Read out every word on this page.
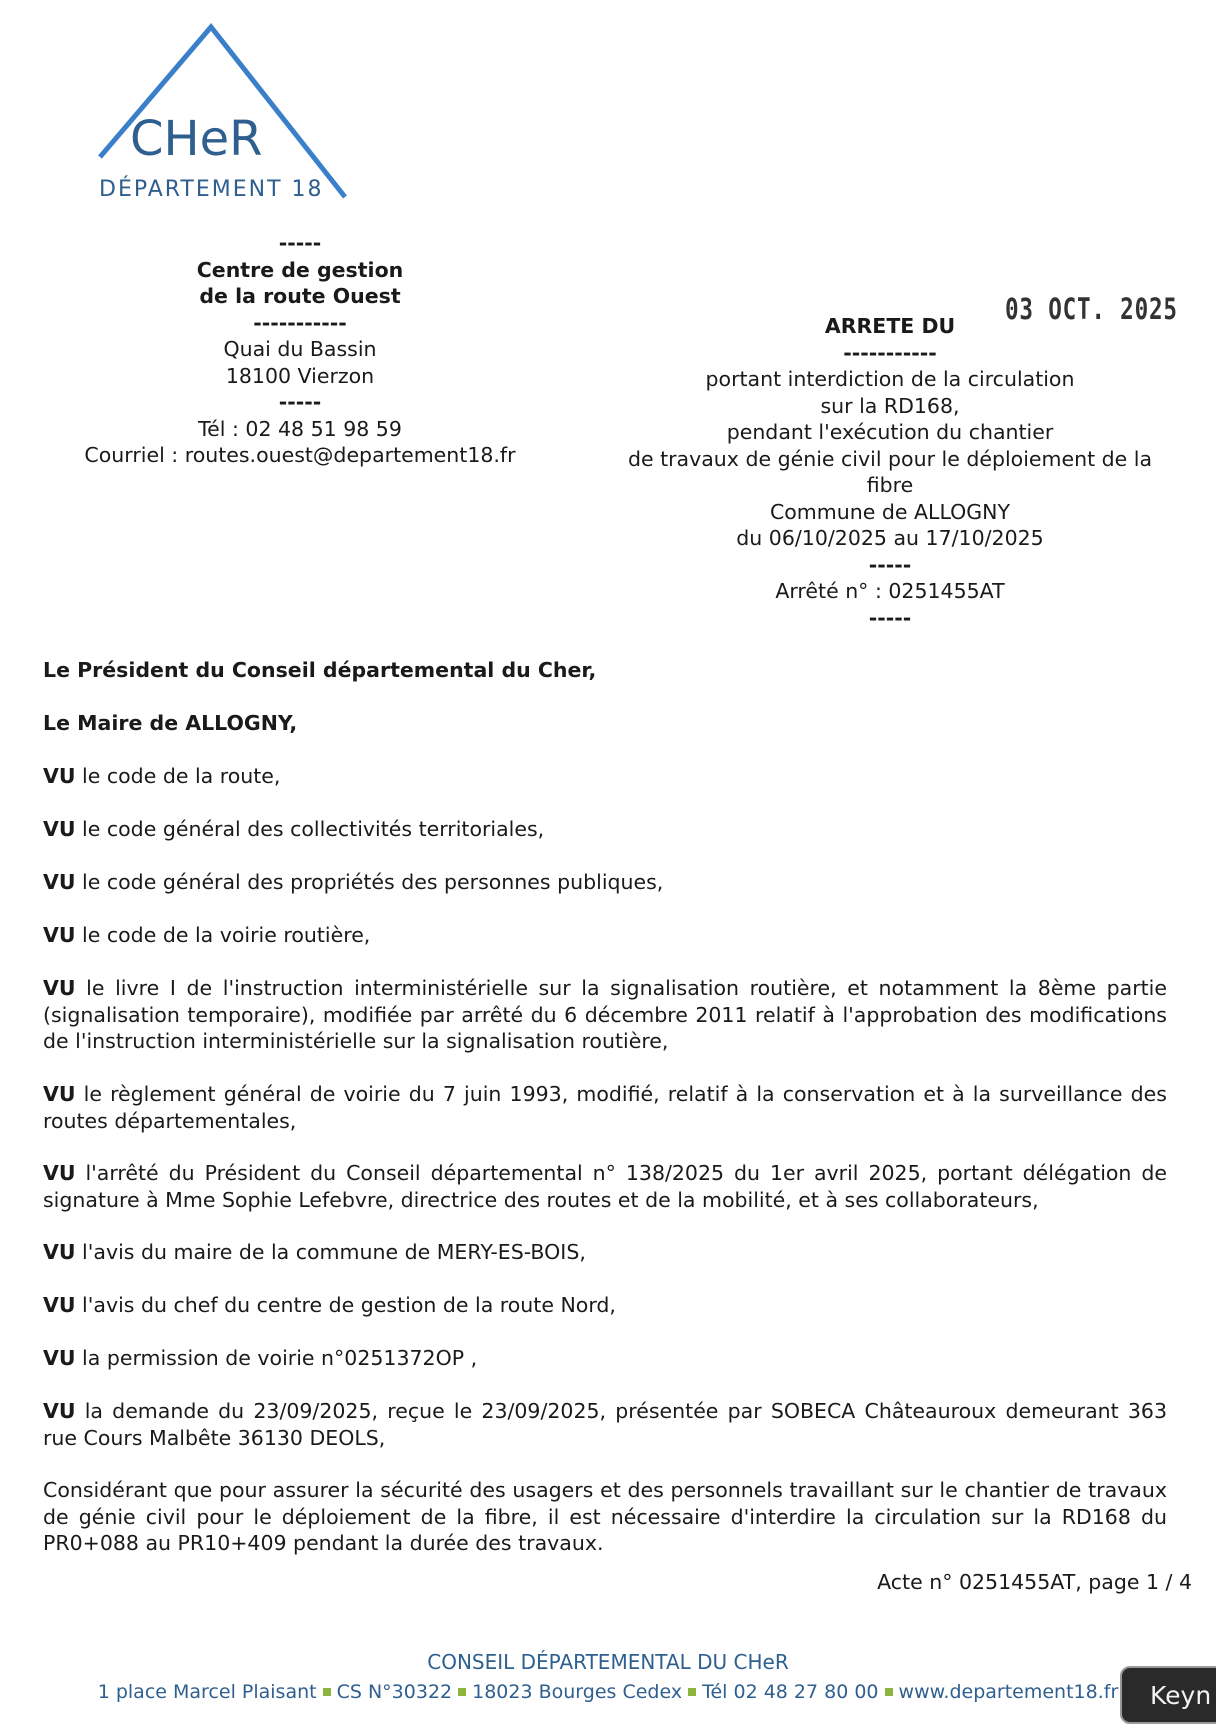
CHeR
DÉPARTEMENT 18
-----
Centre de gestion
de la route Ouest
-----------
Quai du Bassin
18100 Vierzon
-----
Tél : 02 48 51 98 59
Courriel : routes.ouest@departement18.fr
03 OCT. 2025
ARRETE DU
-----------
portant interdiction de la circulation
sur la RD168,
pendant l'exécution du chantier
de travaux de génie civil pour le déploiement de la
fibre
Commune de ALLOGNY
du 06/10/2025 au 17/10/2025
-----
Arrêté n° : 0251455AT
-----
Le Président du Conseil départemental du Cher,
Le Maire de ALLOGNY,

VU le code de la route,

VU le code général des collectivités territoriales,

VU le code général des propriétés des personnes publiques,

VU le code de la voirie routière,

VU le livre I de l'instruction interministérielle sur la signalisation routière, et notamment la 8ème partie (signalisation temporaire), modifiée par arrêté du 6 décembre 2011 relatif à l'approbation des modifications de l'instruction interministérielle sur la signalisation routière,

VU le règlement général de voirie du 7 juin 1993, modifié, relatif à la conservation et à la surveillance des routes départementales,

VU l'arrêté du Président du Conseil départemental n° 138/2025 du 1er avril 2025, portant délégation de signature à Mme Sophie Lefebvre, directrice des routes et de la mobilité, et à ses collaborateurs,

VU l'avis du maire de la commune de MERY-ES-BOIS,

VU l'avis du chef du centre de gestion de la route Nord,

VU la permission de voirie n°0251372OP ,

VU la demande du 23/09/2025, reçue le 23/09/2025, présentée par SOBECA Châteauroux demeurant 363 rue Cours Malbête 36130 DEOLS,

Considérant que pour assurer la sécurité des usagers et des personnels travaillant sur le chantier de travaux de génie civil pour le déploiement de la fibre, il est nécessaire d'interdire la circulation sur la RD168 du PR0+088 au PR10+409 pendant la durée des travaux.
Acte n° 0251455AT, page 1 / 4
CONSEIL DÉPARTEMENTAL DU CHeR
1 place Marcel Plaisant CS N°30322 18023 Bourges Cedex Tél 02 48 27 80 00 www.departement18.fr	Keyn
